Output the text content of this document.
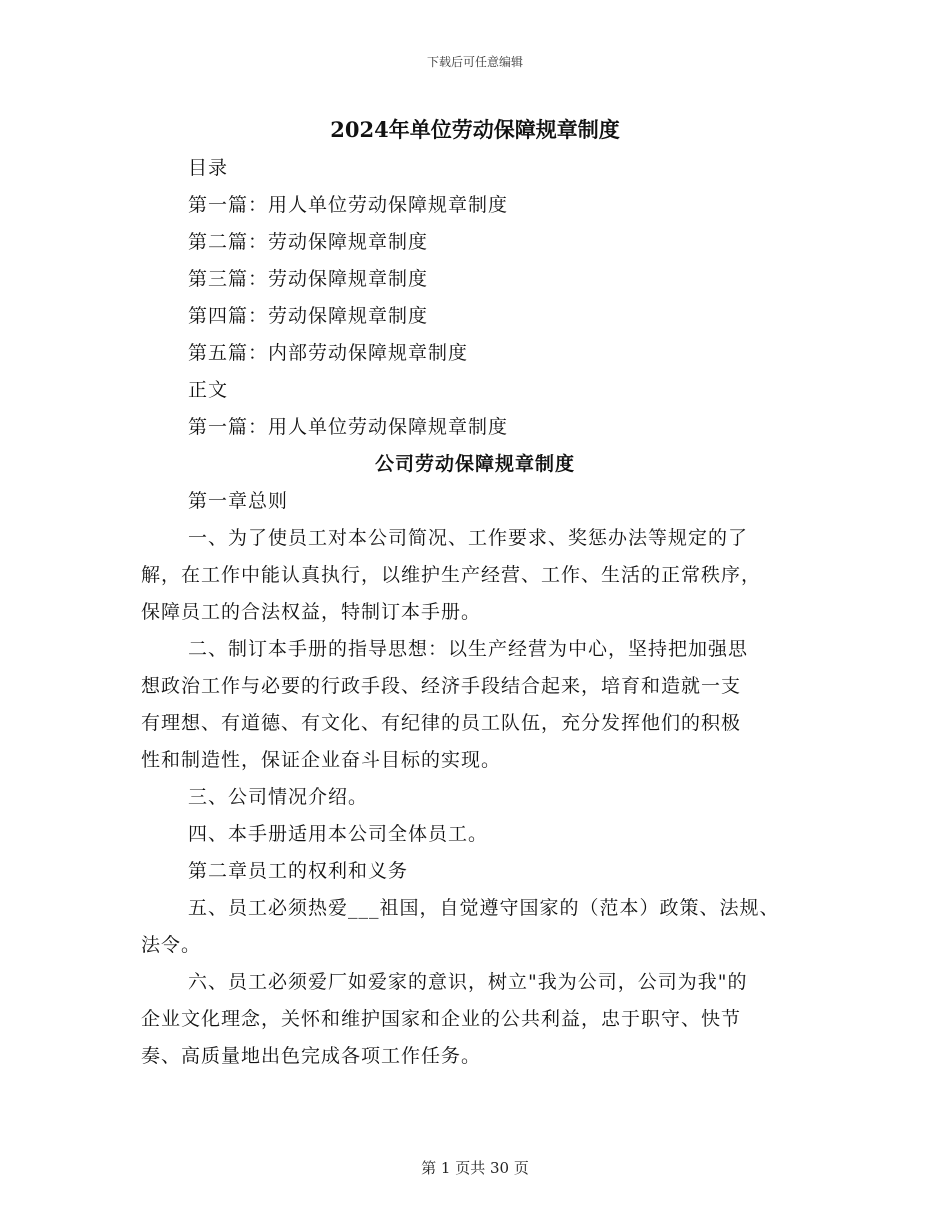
下载后可任意编辑
2024年单位劳动保障规章制度
目录
第一篇：用人单位劳动保障规章制度
第二篇：劳动保障规章制度
第三篇：劳动保障规章制度
第四篇：劳动保障规章制度
第五篇：内部劳动保障规章制度
正文
第一篇：用人单位劳动保障规章制度
公司劳动保障规章制度
第一章总则
一、为了使员工对本公司简况、工作要求、奖惩办法等规定的了
解，在工作中能认真执行，以维护生产经营、工作、生活的正常秩序，
保障员工的合法权益，特制订本手册。
二、制订本手册的指导思想：以生产经营为中心，坚持把加强思
想政治工作与必要的行政手段、经济手段结合起来，培育和造就一支
有理想、有道德、有文化、有纪律的员工队伍，充分发挥他们的积极
性和制造性，保证企业奋斗目标的实现。
三、公司情况介绍。
四、本手册适用本公司全体员工。
第二章员工的权利和义务
五、员工必须热爱___祖国，自觉遵守国家的（范本）政策、法规、
法令。
六、员工必须爱厂如爱家的意识，树立"我为公司，公司为我"的
企业文化理念，关怀和维护国家和企业的公共利益，忠于职守、快节
奏、高质量地出色完成各项工作任务。
第 1 页共 30 页
